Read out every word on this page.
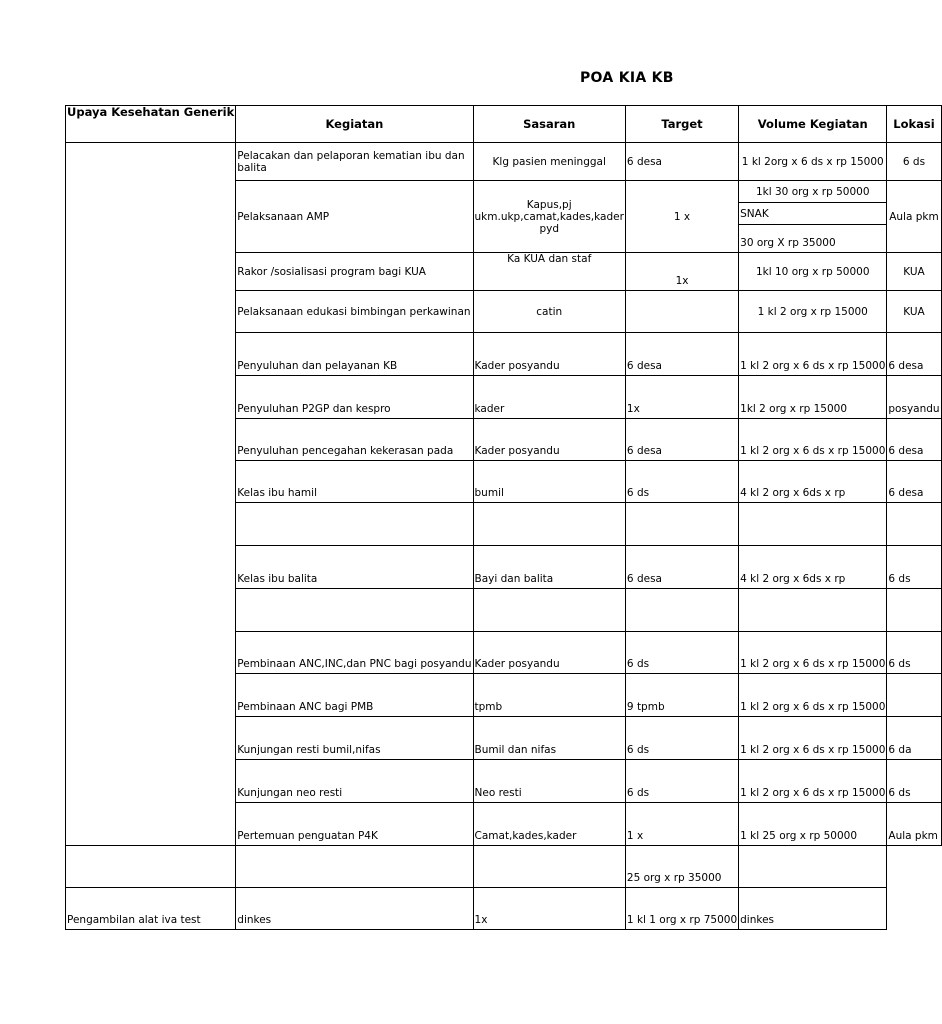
POA KIA KB
Upaya Kesehatan Generik	Kegiatan	Sasaran	Target	Volume Kegiatan	Lokasi
	Pelacakan dan pelaporan kematian ibu dan balita	Klg pasien meninggal	6 desa	1 kl 2org x 6 ds x rp 15000	6 ds
	Pelaksanaan AMP	Kapus,pj ukm.ukp,camat,kades,kader pyd	1 x	1kl 30 org x rp 50000	Aula pkm
				SNAK	
				30 org X rp 35000	
	Rakor /sosialisasi program bagi KUA	Ka KUA dan staf	1x	1kl 10 org x rp 50000	KUA
	Pelaksanaan edukasi bimbingan perkawinan	catin		1 kl 2 org x rp 15000	KUA
	Penyuluhan dan pelayanan KB	Kader posyandu	6 desa	1 kl 2 org x 6 ds x rp 15000	6 desa
	Penyuluhan P2GP dan kespro	kader	1x	1kl 2 org x rp 15000	posyandu
	Penyuluhan pencegahan kekerasan pada	Kader posyandu	6 desa	1 kl 2 org x 6 ds x rp 15000	6 desa
	Kelas ibu hamil	bumil	6 ds	4 kl 2 org x 6ds x rp	6 desa

	Kelas ibu balita	Bayi dan balita	6 desa	4 kl 2 org x 6ds x rp	6 ds

	Pembinaan ANC,INC,dan PNC bagi posyandu	Kader posyandu	6 ds	1 kl 2 org x 6 ds x rp 15000	6 ds
	Pembinaan ANC bagi PMB	tpmb	9 tpmb	1 kl 2 org x 6 ds x rp 15000	
	Kunjungan resti bumil,nifas	Bumil dan nifas	6 ds	1 kl 2 org x 6 ds x rp 15000	6 da
	Kunjungan neo resti	Neo resti	6 ds	1 kl 2 org x 6 ds x rp 15000	6 ds
	Pertemuan penguatan P4K	Camat,kades,kader	1 x	1 kl 25 org x rp 50000	Aula pkm
			25 org x rp 35000		
Pengambilan alat iva test	dinkes	1x	1 kl 1 org x rp 75000	dinkes	
